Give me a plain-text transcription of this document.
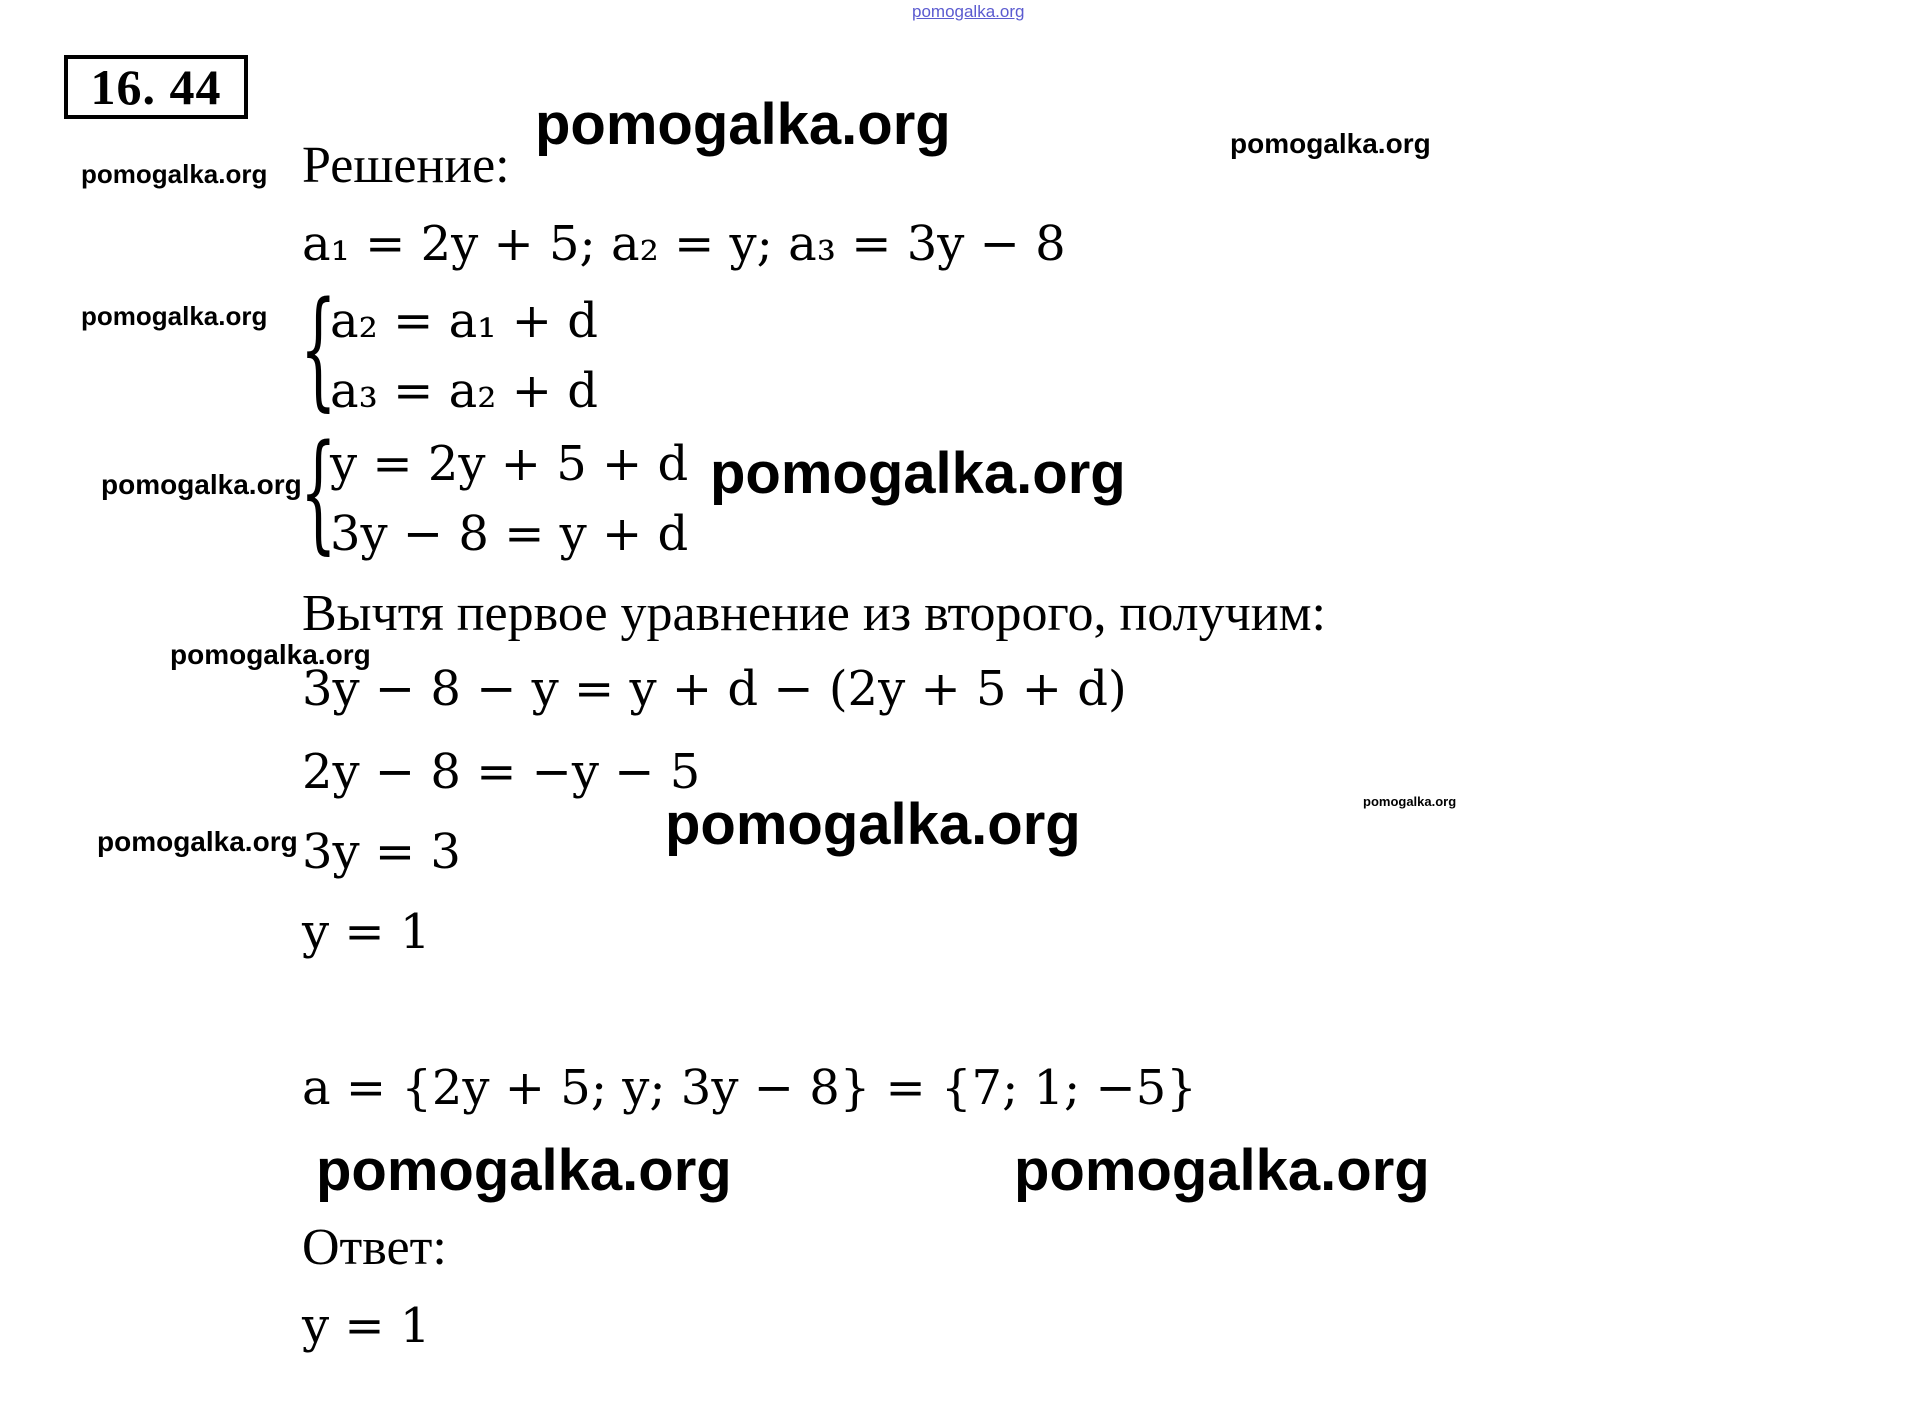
pomogalka.org
pomogalka.org	pomogalka.org
pomogalka.org
pomogalka.org
pomogalka.org	pomogalka.org
pomogalka.org
pomogalka.org
pomogalka.org
pomogalka.org
pomogalka.org	pomogalka.org
16. 44
Решение:
a₁ = 2y + 5; a₂ = y; a₃ = 3y − 8
{
a₂ = a₁ + d
a₃ = a₂ + d
{
y = 2y + 5 + d
3y − 8 = y + d
Вычтя первое уравнение из второго, получим:
3y − 8 − y = y + d − (2y + 5 + d)
2y − 8 = −y − 5
3y = 3
y = 1
a = {2y + 5; y; 3y − 8} = {7; 1; −5}
Ответ:
y = 1
